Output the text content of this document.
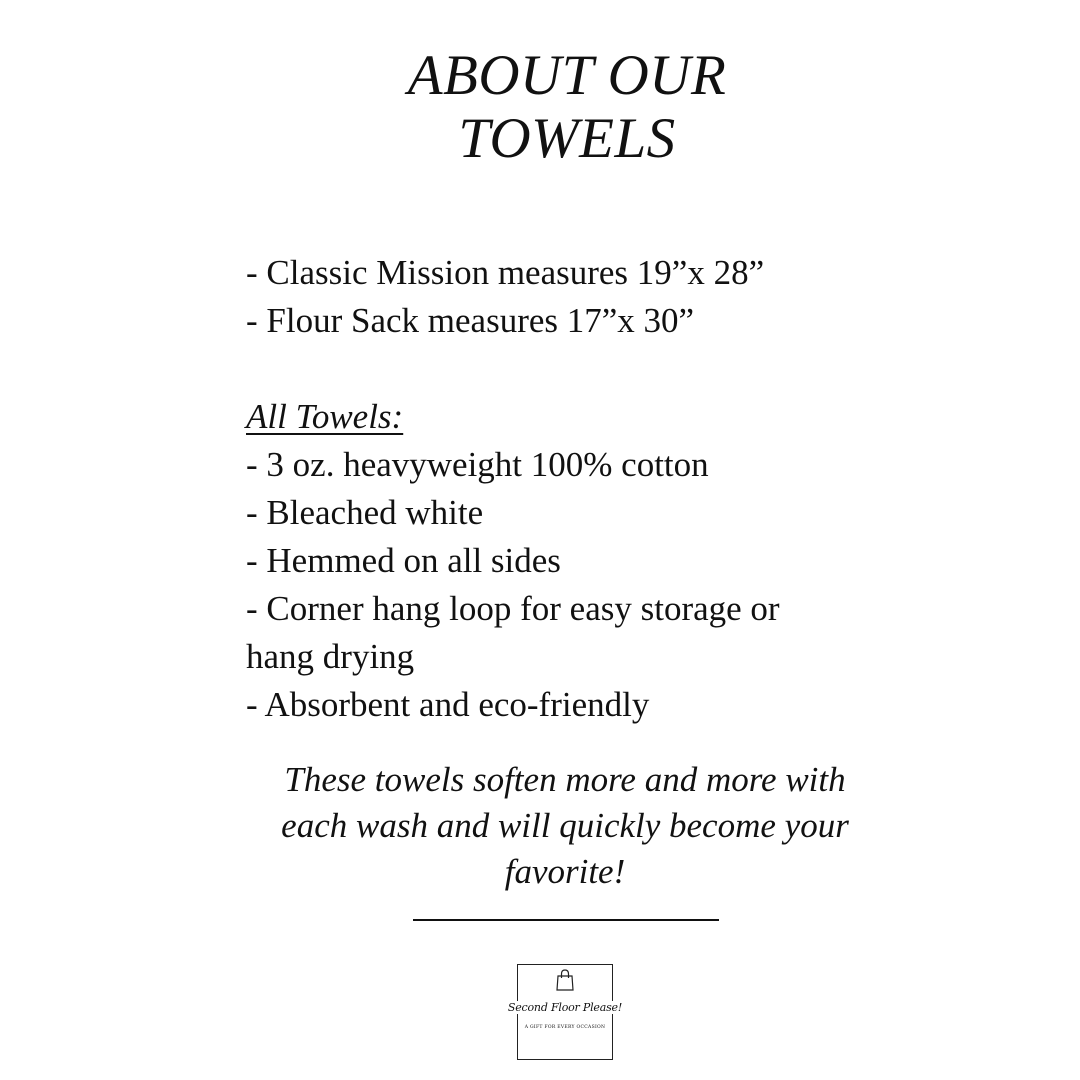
ABOUT OUR
TOWELS
- Classic Mission measures 19”x 28”
- Flour Sack measures 17”x 30”
All Towels:
- 3 oz. heavyweight 100% cotton
- Bleached white
- Hemmed on all sides
- Corner hang loop for easy storage or
hang drying
- Absorbent and eco-friendly
These towels soften more and more with
each wash and will quickly become your
favorite!
Second Floor Please!
A GIFT FOR EVERY OCCASION
